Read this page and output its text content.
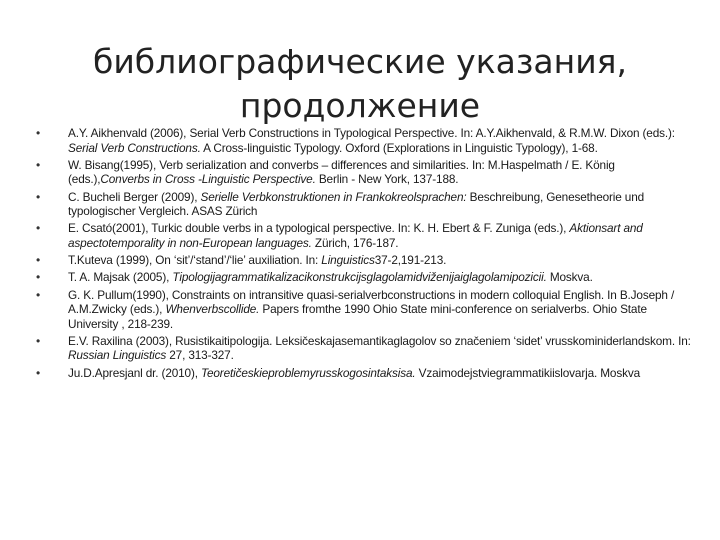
библиографические указания,
продолжение
• A.Y. Aikhenvald (2006), Serial Verb Constructions in Typological Perspective. In: A.Y.Aikhenvald, & R.M.W. Dixon (eds.): Serial Verb Constructions. A Cross-linguistic Typology. Oxford (Explorations in Linguistic Typology), 1-68.
• W. Bisang(1995), Verb serialization and converbs – differences and similarities. In: M.Haspelmath / E. König (eds.),Converbs in Cross -Linguistic Perspective. Berlin - New York, 137-188.
• C. Bucheli Berger (2009), Serielle Verbkonstruktionen in Frankokreolsprachen: Beschreibung, Genesetheorie und typologischer Vergleich. ASAS Zürich
• E. Csató(2001), Turkic double verbs in a typological perspective. In: K. H. Ebert & F. Zuniga (eds.), Aktionsart and aspectotemporality in non-European languages. Zürich, 176-187.
• T.Kuteva (1999), On ‘sit’/‘stand’/‘lie’ auxiliation. In: Linguistics37-2,191-213.
• T. A. Majsak (2005), Tipologijagrammatikalizacikonstrukcijsglagolamidviženijaiglagolamipozicii. Moskva.
• G. K. Pullum(1990), Constraints on intransitive quasi-serialverbconstructions in modern colloquial English. In B.Joseph / A.M.Zwicky (eds.), Whenverbscollide. Papers fromthe 1990 Ohio State mini-conference on serialverbs. Ohio State University , 218-239.
• E.V. Raxilina (2003), Rusistikaitipologija. Leksičeskajasemantikaglagolov so značeniem ‘sidet’ vrusskominiderlandskom. In: Russian Linguistics 27, 313-327.
• Ju.D.Apresjanl dr. (2010), Teoretičeskieproblemyrusskogosintaksisa. Vzaimodejstviegrammatikiislovarja. Moskva
